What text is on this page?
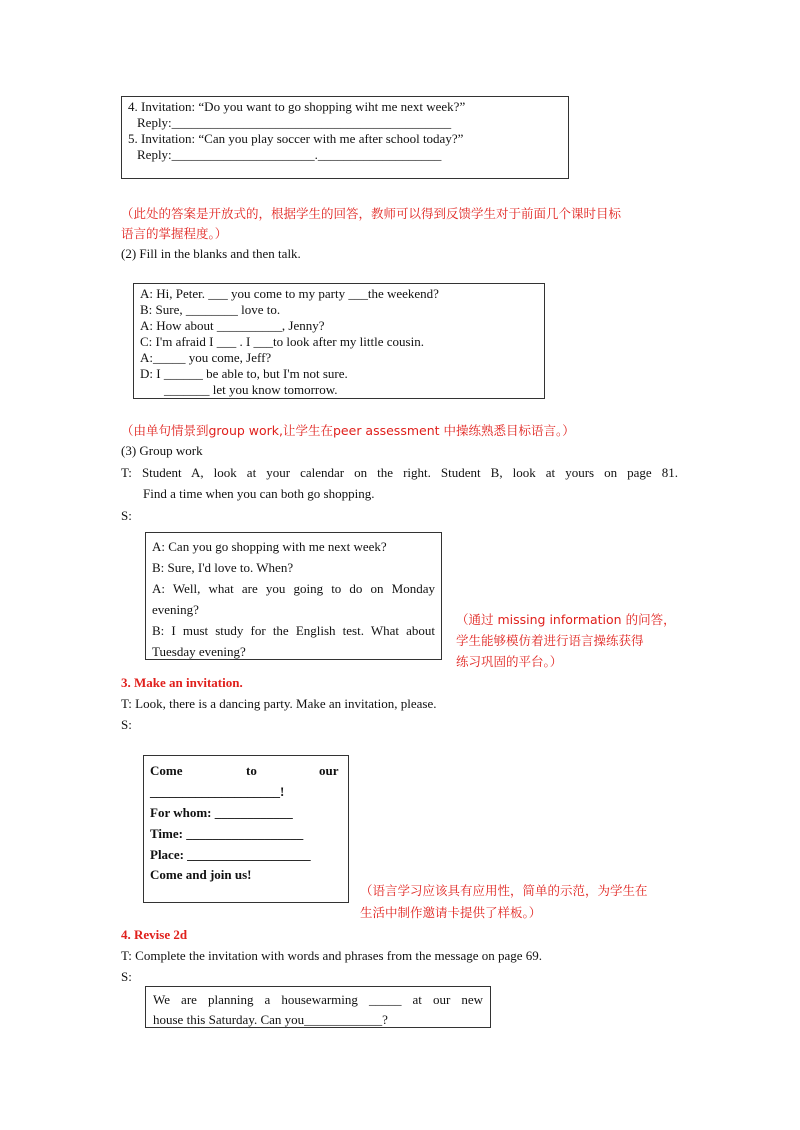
4. Invitation: “Do you want to go shopping wiht me next week?”
Reply:___________________________________________
5. Invitation: “Can you play soccer with me after school today?”
Reply:______________________.___________________
（此处的答案是开放式的，根据学生的回答，教师可以得到反馈学生对于前面几个课时目标
语言的掌握程度。）
(2) Fill in the blanks and then talk.
A: Hi, Peter. ___ you come to my party ___the weekend?
B: Sure, ________ love to.
A: How about __________, Jenny?
C: I'm afraid I ___ . I ___to look after my little cousin.
A:_____ you come, Jeff?
D: I ______ be able to, but I'm not sure.
_______ let you know tomorrow.
（由单句情景到group work,让学生在peer assessment 中操练熟悉目标语言。）
(3) Group work
T: Student A, look at your calendar on the right. Student B, look at yours on page 81.
Find a time when you can both go shopping.
S:
A: Can you go shopping with me next week?
B: Sure, I'd love to. When?
A: Well, what are you going to do on Monday
evening?
B: I must study for the English test. What about
Tuesday evening?
（通过 missing information 的问答，
学生能够模仿着进行语言操练获得
练习巩固的平台。）
3. Make an invitation.
T: Look, there is a dancing party. Make an invitation, please.
S:
Come	to	our
____________________!
For whom: ____________
Time: __________________
Place: ___________________
Come and join us!
（语言学习应该具有应用性，简单的示范，为学生在
生活中制作邀请卡提供了样板。）
4. Revise 2d
T: Complete the invitation with words and phrases from the message on page 69.
S:
We are planning a housewarming _____ at our new
house this Saturday. Can you____________?
